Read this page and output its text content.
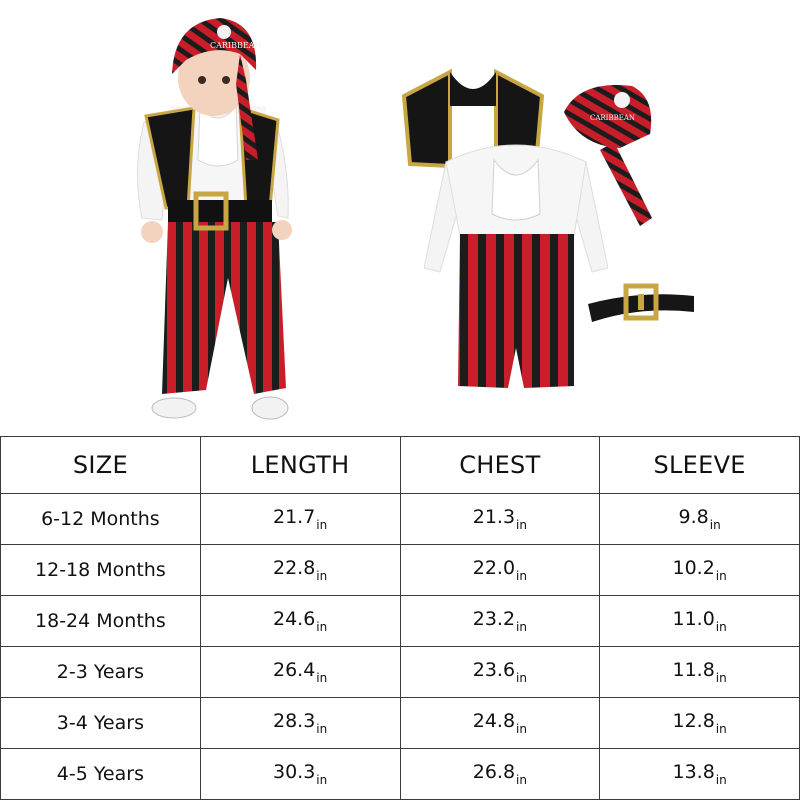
CARIBBEAN
CARIBBEAN
SIZE	LENGTH	CHEST	SLEEVE
6-12 Months	$21.7_{in}$	$21.3_{in}$	$9.8_{in}$
12-18 Months	$22.8_{in}$	$22.0_{in}$	$10.2_{in}$
18-24 Months	$24.6_{in}$	$23.2_{in}$	$11.0_{in}$
2-3 Years	$26.4_{in}$	$23.6_{in}$	$11.8_{in}$
3-4 Years	$28.3_{in}$	$24.8_{in}$	$12.8_{in}$
4-5 Years	$30.3_{in}$	$26.8_{in}$	$13.8_{in}$
